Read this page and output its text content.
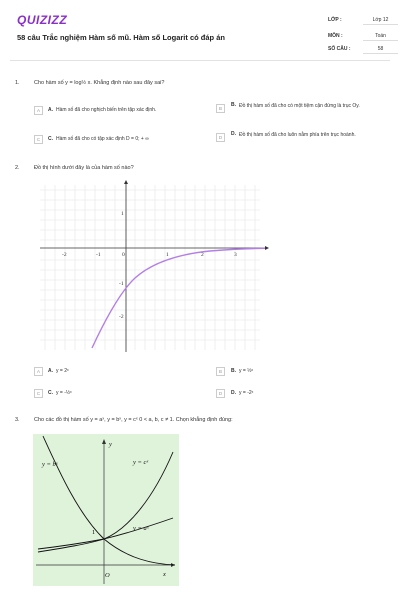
QUIZIZZ
58 câu Trắc nghiệm Hàm số mũ. Hàm số Logarit có đáp án
LỚP :	Lớp 12
MÔN :	Toán
SỐ CÂU :	58
1.	Cho hàm số y = log½ x. Khẳng định nào sau đây sai?
A	A. Hàm số đã cho nghịch biến trên tập xác định.	B
B. Đồ thị hàm số đã cho có một tiệm cận đứng là trục Oy.
C	C. Hàm số đã cho có tập xác định D = 0; + ∞	D
D. Đồ thị hàm số đã cho luôn nằm phía trên trục hoành.
2.	Đồ thị hình dưới đây là của hàm số nào?
-2	-1	0	1	2	3
1
-1
-2
A	A. y = 2ˣ	B	B. y = ½ˣ
C	C. y = -½ˣ	D	D. y = -2ˣ
3.	Cho các đồ thị hàm số y = aˣ, y = bˣ, y = cˣ 0 < a, b, c ≠ 1. Chọn khẳng định đúng:
y
x
O
1
y = bˣ	y = cˣ
y = aˣ
